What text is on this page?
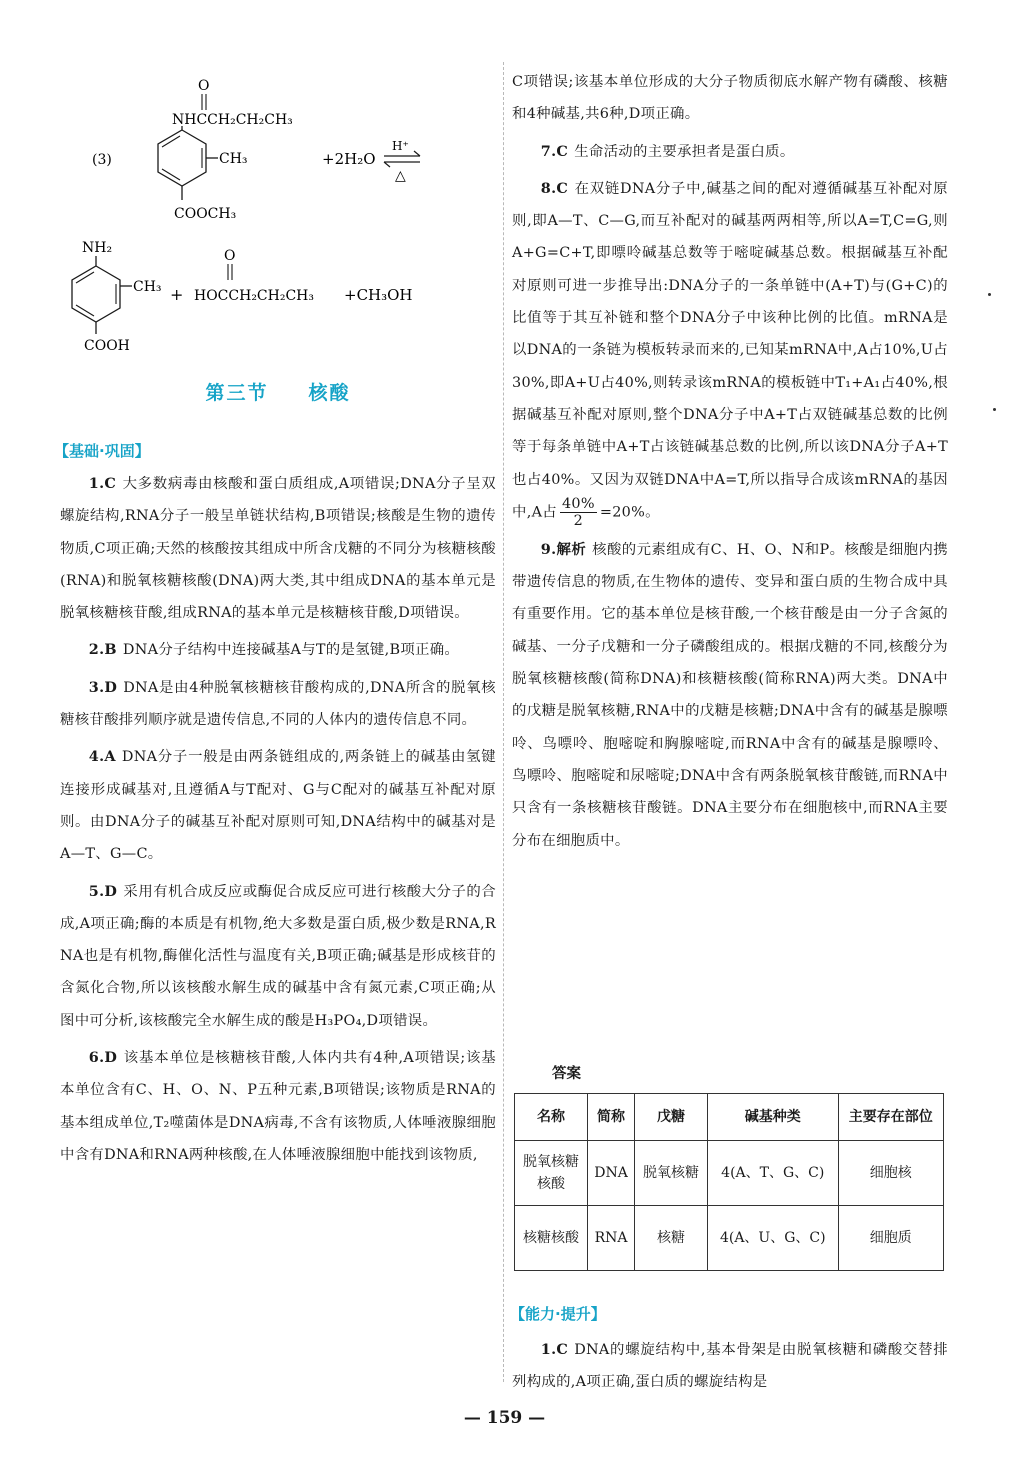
O
NHCCH₂CH₂CH₃
(3)	CH₃
COOCH₃
+2H₂O
H⁺
△
NH₂
CH₃
COOH
+
O
HOCCH₂CH₂CH₃ +CH₃OH

第三节 核酸

【基础·巩固】

1.C 大多数病毒由核酸和蛋白质组成,A项错误;DNA分子呈双螺旋结构,RNA分子一般呈单链状结构,B项错误;核酸是生物的遗传物质,C项正确;天然的核酸按其组成中所含戊糖的不同分为核糖核酸(RNA)和脱氧核糖核酸(DNA)两大类,其中组成DNA的基本单元是脱氧核糖核苷酸,组成RNA的基本单元是核糖核苷酸,D项错误。

2.B DNA分子结构中连接碱基A与T的是氢键,B项正确。

3.D DNA是由4种脱氧核糖核苷酸构成的,DNA所含的脱氧核糖核苷酸排列顺序就是遗传信息,不同的人体内的遗传信息不同。

4.A DNA分子一般是由两条链组成的,两条链上的碱基由氢键连接形成碱基对,且遵循A与T配对、G与C配对的碱基互补配对原则。由DNA分子的碱基互补配对原则可知,DNA结构中的碱基对是A—T、G—C。

5.D 采用有机合成反应或酶促合成反应可进行核酸大分子的合成,A项正确;酶的本质是有机物,绝大多数是蛋白质,极少数是RNA,RNA也是有机物,酶催化活性与温度有关,B项正确;碱基是形成核苷的含氮化合物,所以该核酸水解生成的碱基中含有氮元素,C项正确;从图中可分析,该核酸完全水解生成的酸是H₃PO₄,D项错误。

6.D 该基本单位是核糖核苷酸,人体内共有4种,A项错误;该基本单位含有C、H、O、N、P五种元素,B项错误;该物质是RNA的基本组成单位,T₂噬菌体是DNA病毒,不含有该物质,人体唾液腺细胞中含有DNA和RNA两种核酸,在人体唾液腺细胞中能找到该物质,

C项错误;该基本单位形成的大分子物质彻底水解产物有磷酸、核糖和4种碱基,共6种,D项正确。

7.C 生命活动的主要承担者是蛋白质。

8.C 在双链DNA分子中,碱基之间的配对遵循碱基互补配对原则,即A—T、C—G,而互补配对的碱基两两相等,所以A=T,C=G,则A+G=C+T,即嘌呤碱基总数等于嘧啶碱基总数。根据碱基互补配对原则可进一步推导出:DNA分子的一条单链中(A+T)与(G+C)的比值等于其互补链和整个DNA分子中该种比例的比值。mRNA是以DNA的一条链为模板转录而来的,已知某mRNA中,A占10%,U占30%,即A+U占40%,则转录该mRNA的模板链中T₁+A₁占40%,根据碱基互补配对原则,整个DNA分子中A+T占双链碱基总数的比例等于每条单链中A+T占该链碱基总数的比例,所以该DNA分子A+T也占40%。又因为双链DNA中A=T,所以指导合成该mRNA的基因中,A占 $\frac{40\%}{2} =20\%$。

9.解析 核酸的元素组成有C、H、O、N和P。核酸是细胞内携带遗传信息的物质,在生物体的遗传、变异和蛋白质的生物合成中具有重要作用。它的基本单位是核苷酸,一个核苷酸是由一分子含氮的碱基、一分子戊糖和一分子磷酸组成的。根据戊糖的不同,核酸分为脱氧核糖核酸(简称DNA)和核糖核酸(简称RNA)两大类。DNA中的戊糖是脱氧核糖,RNA中的戊糖是核糖;DNA中含有的碱基是腺嘌呤、鸟嘌呤、胞嘧啶和胸腺嘧啶,而RNA中含有的碱基是腺嘌呤、鸟嘌呤、胞嘧啶和尿嘧啶;DNA中含有两条脱氧核苷酸链,而RNA中只含有一条核糖核苷酸链。DNA主要分布在细胞核中,而RNA主要分布在细胞质中。

答案

名称	简称	戊糖	碱基种类	主要存在部位
脱氧核糖核酸	DNA	脱氧核糖	4(A、T、G、C)	细胞核
核糖核酸	RNA	核糖	4(A、U、G、C)	细胞质

【能力·提升】

1.C DNA的螺旋结构中,基本骨架是由脱氧核糖和磷酸交替排列构成的,A项正确,蛋白质的螺旋结构是

— 159 —
